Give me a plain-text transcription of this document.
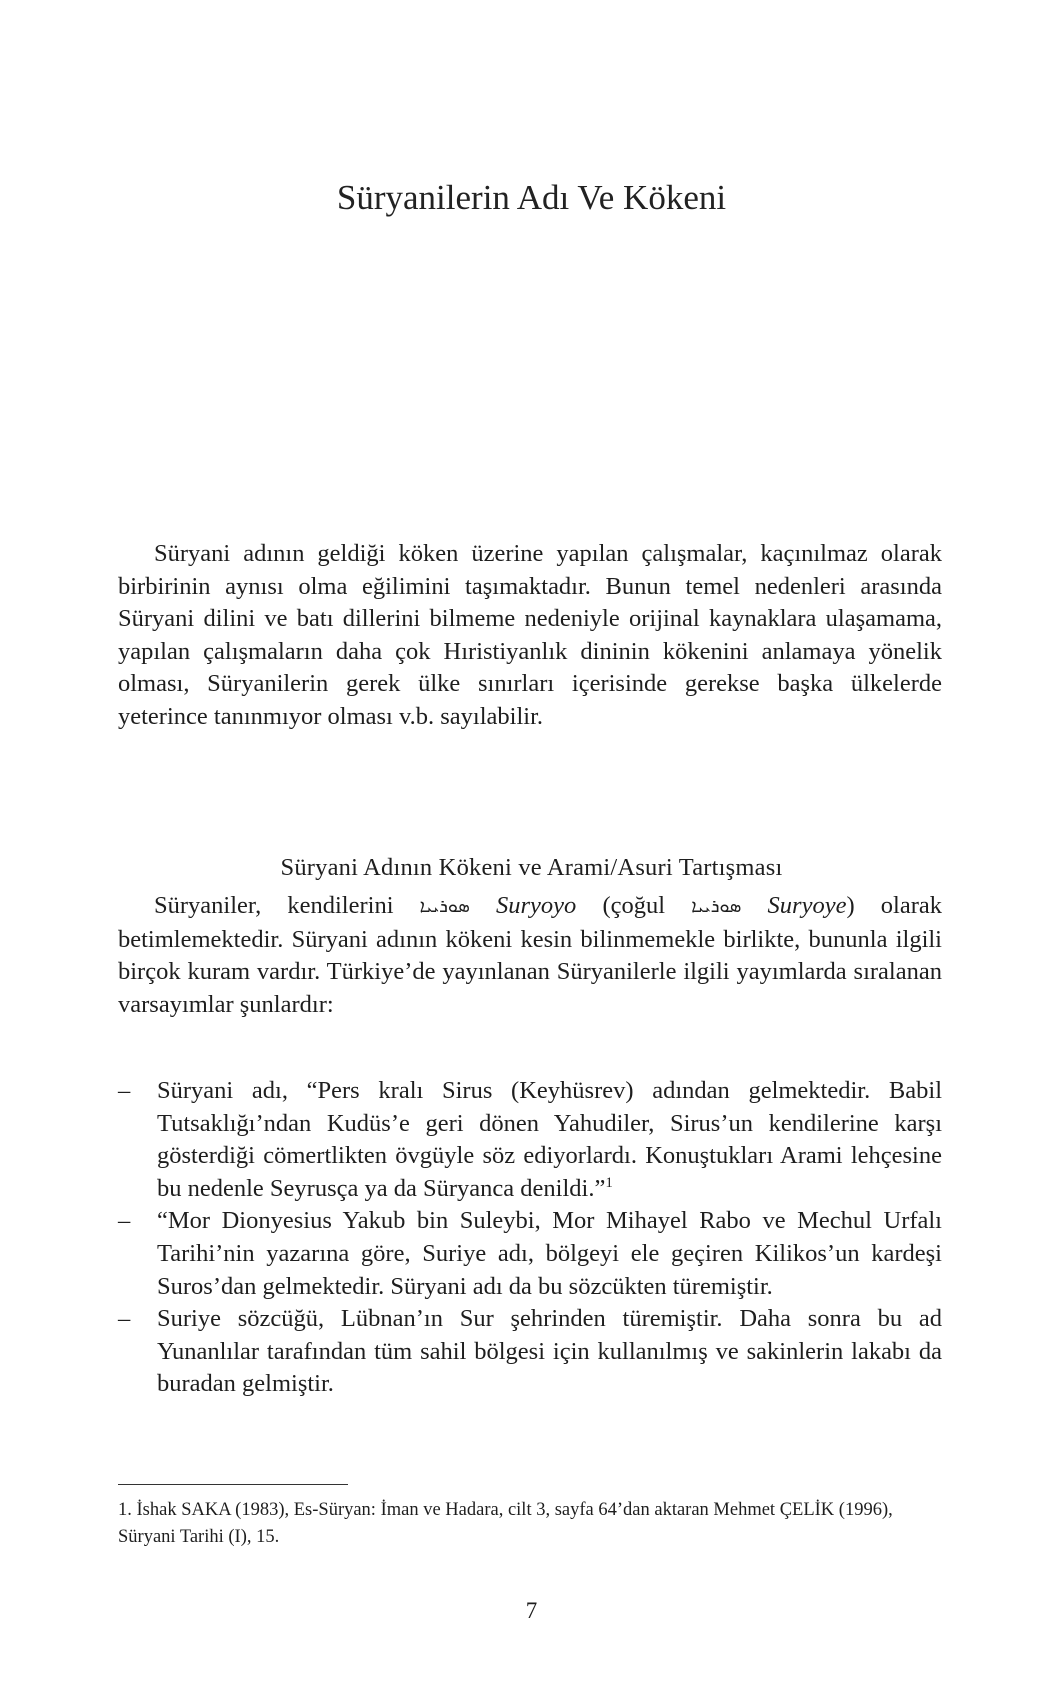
Süryanilerin Adı Ve Kökeni

Süryani adının geldiği köken üzerine yapılan çalışmalar, kaçınılmaz olarak birbirinin aynısı olma eğilimini taşımaktadır. Bunun temel nedenleri arasında Süryani dilini ve batı dillerini bilmeme nedeniyle orijinal kaynaklara ulaşamama, yapılan çalışmaların daha çok Hıristiyanlık dininin kökenini anlamaya yönelik olması, Süryanilerin gerek ülke sınırları içerisinde gerekse başka ülkelerde yeterince tanınmıyor olması v.b. sayılabilir.

Süryani Adının Kökeni ve Arami/Asuri Tartışması

Süryaniler, kendilerini ܣܘܪܝܝܐ Suryoyo (çoğul ܣܘܪܝܝܐ Suryoye) olarak betimlemektedir. Süryani adının kökeni kesin bilinmemekle birlikte, bununla ilgili birçok kuram vardır. Türkiye’de yayınlanan Süryanilerle ilgili yayımlarda sıralanan varsayımlar şunlardır:

– Süryani adı, “Pers kralı Sirus (Keyhüsrev) adından gelmektedir. Babil Tutsaklığı’ndan Kudüs’e geri dönen Yahudiler, Sirus’un kendilerine karşı gösterdiği cömertlikten övgüyle söz ediyorlardı. Konuştukları Arami lehçesine bu nedenle Seyrusça ya da Süryanca denildi.”$^1$
– “Mor Dionyesius Yakub bin Suleybi, Mor Mihayel Rabo ve Mechul Urfalı Tarihi’nin yazarına göre, Suriye adı, bölgeyi ele geçiren Kilikos’un kardeşi Suros’dan gelmektedir. Süryani adı da bu sözcükten türemiştir.
– Suriye sözcüğü, Lübnan’ın Sur şehrinden türemiştir. Daha sonra bu ad Yunanlılar tarafından tüm sahil bölgesi için kullanılmış ve sakinlerin lakabı da buradan gelmiştir.

1. İshak SAKA (1983), Es-Süryan: İman ve Hadara, cilt 3, sayfa 64’dan aktaran Mehmet ÇELİK (1996), Süryani Tarihi (I), 15.

7
